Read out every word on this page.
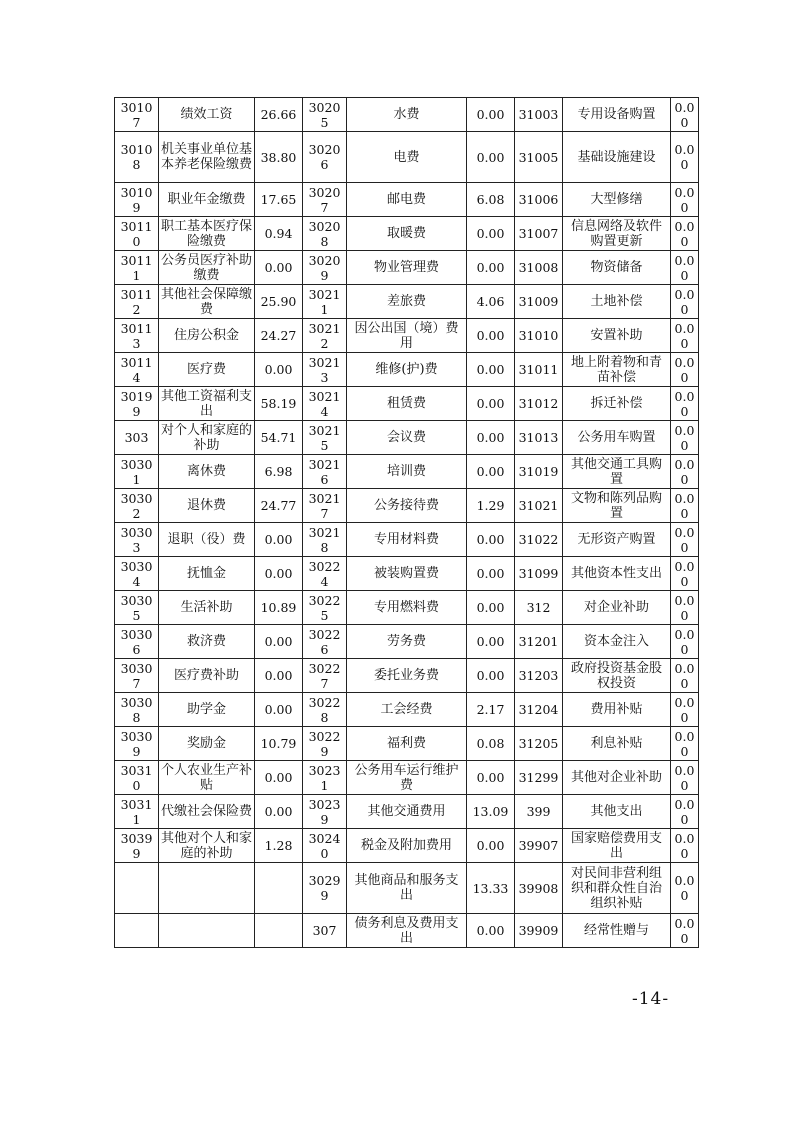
30107	绩效工资	26.66	30205	水费	0.00	31003	专用设备购置	0.00
30108	机关事业单位基本养老保险缴费	38.80	30206	电费	0.00	31005	基础设施建设	0.00
30109	职业年金缴费	17.65	30207	邮电费	6.08	31006	大型修缮	0.00
30110	职工基本医疗保险缴费	0.94	30208	取暖费	0.00	31007	信息网络及软件购置更新	0.00
30111	公务员医疗补助缴费	0.00	30209	物业管理费	0.00	31008	物资储备	0.00
30112	其他社会保障缴费	25.90	30211	差旅费	4.06	31009	土地补偿	0.00
30113	住房公积金	24.27	30212	因公出国（境）费用	0.00	31010	安置补助	0.00
30114	医疗费	0.00	30213	维修(护)费	0.00	31011	地上附着物和青苗补偿	0.00
30199	其他工资福利支出	58.19	30214	租赁费	0.00	31012	拆迁补偿	0.00
303	对个人和家庭的补助	54.71	30215	会议费	0.00	31013	公务用车购置	0.00
30301	离休费	6.98	30216	培训费	0.00	31019	其他交通工具购置	0.00
30302	退休费	24.77	30217	公务接待费	1.29	31021	文物和陈列品购置	0.00
30303	退职（役）费	0.00	30218	专用材料费	0.00	31022	无形资产购置	0.00
30304	抚恤金	0.00	30224	被装购置费	0.00	31099	其他资本性支出	0.00
30305	生活补助	10.89	30225	专用燃料费	0.00	312	对企业补助	0.00
30306	救济费	0.00	30226	劳务费	0.00	31201	资本金注入	0.00
30307	医疗费补助	0.00	30227	委托业务费	0.00	31203	政府投资基金股权投资	0.00
30308	助学金	0.00	30228	工会经费	2.17	31204	费用补贴	0.00
30309	奖励金	10.79	30229	福利费	0.08	31205	利息补贴	0.00
30310	个人农业生产补贴	0.00	30231	公务用车运行维护费	0.00	31299	其他对企业补助	0.00
30311	代缴社会保险费	0.00	30239	其他交通费用	13.09	399	其他支出	0.00
30399	其他对个人和家庭的补助	1.28	30240	税金及附加费用	0.00	39907	国家赔偿费用支出	0.00
			30299	其他商品和服务支出	13.33	39908	对民间非营利组织和群众性自治组织补贴	0.00
			307	债务利息及费用支出	0.00	39909	经常性赠与	0.00
-14-
